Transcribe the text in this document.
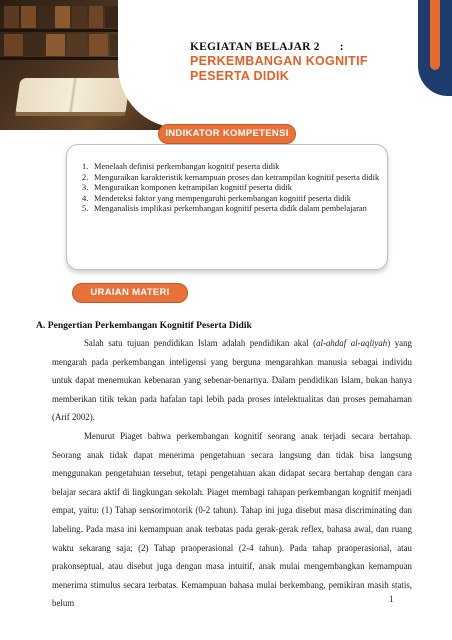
KEGIATAN BELAJAR 2 :
PERKEMBANGAN KOGNITIF PESERTA DIDIK
INDIKATOR KOMPETENSI
1. Menelaah definisi perkembangan kognitif peserta didik
2. Menguraikan karakteristik kemampuan proses dan ketrampilan kognitif peserta didik
3. Menguraikan komponen ketrampilan kognitif peserta didik
4. Mendeteksi faktor yang mempengaruhi perkembangan kognitif peserta didik
5. Menganalisis implikasi perkembangan kognitif peserta didik dalam pembelajaran
URAIAN MATERI
A. Pengertian Perkembangan Kognitif Peserta Didik

Salah satu tujuan pendidikan Islam adalah pendidikan akal (al-ahdaf al-aqliyah) yang mengarah pada perkembangan inteligensi yang berguna mengarahkan manusia sebagai individu untuk dapat menemukan kebenaran yang sebenar-benarnya. Dalam pendidikan Islam, bukan hanya memberikan titik tekan pada hafalan tapi lebih pada proses intelektualitas dan proses pemahaman (Arif 2002).

Menurut Piaget bahwa perkembangan kognitif seorang anak terjadi secara bertahap. Seorang anak tidak dapat menerima pengetahuan secara langsung dan tidak bisa langsung menggunakan pengetahuan tersebut, tetapi pengetahuan akan didapat secara bertahap dengan cara belajar secara aktif di lingkungan sekolah. Piaget membagi tahapan perkembangan kognitif menjadi empat, yaitu: (1) Tahap sensorimotorik (0-2 tahun). Tahap ini juga disebut masa discriminating dan labeling. Pada masa ini kemampuan anak terbatas pada gerak-gerak reflex, bahasa awal, dan ruang waktu sekarang saja; (2) Tahap praoperasional (2-4 tahun). Pada tahap praoperasional, atau prakonseptual, atau disebut juga dengan masa intuitif, anak mulai mengembangkan kemampuan menerima stimulus secara terbatas. Kemampuan bahasa mulai berkembang, pemikiran masih statis, belum	1
